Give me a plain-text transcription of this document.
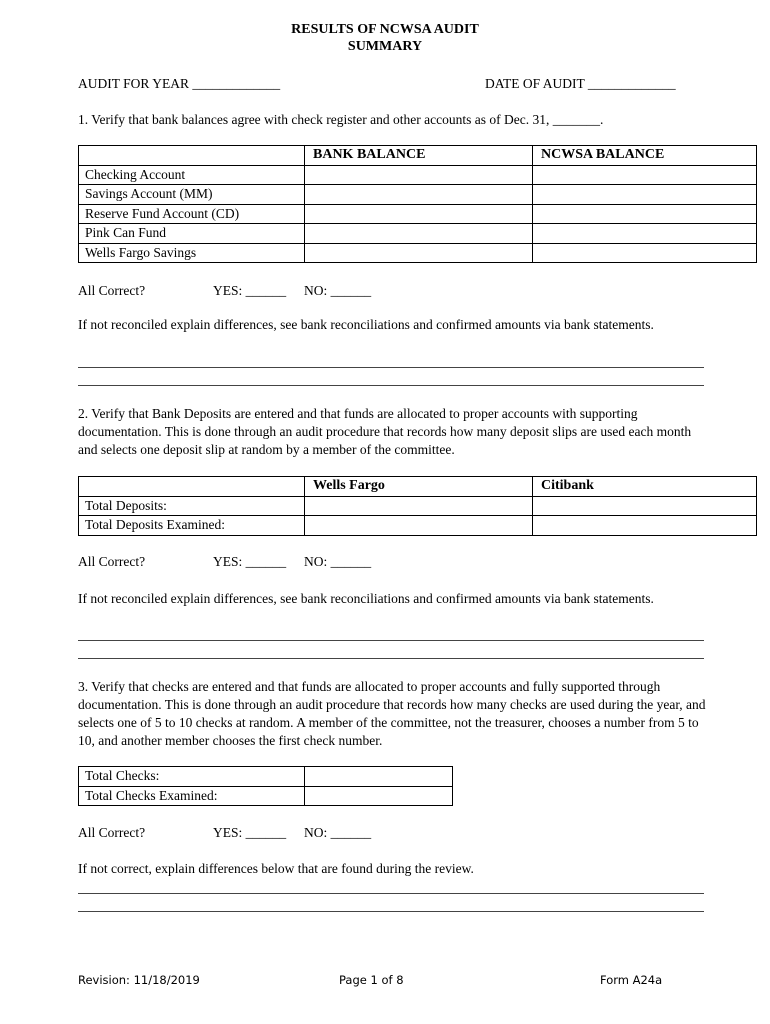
RESULTS OF NCWSA AUDIT
SUMMARY
AUDIT FOR YEAR _____________	DATE OF AUDIT _____________
1. Verify that bank balances agree with check register and other accounts as of Dec. 31, _______.
	BANK BALANCE	NCWSA BALANCE
Checking Account		
Savings Account (MM)		
Reserve Fund Account (CD)		
Pink Can Fund		
Wells Fargo Savings		
All Correct?	YES: ______ NO: ______
If not reconciled explain differences, see bank reconciliations and confirmed amounts via bank statements.
2. Verify that Bank Deposits are entered and that funds are allocated to proper accounts with supporting documentation. This is done through an audit procedure that records how many deposit slips are used each month and selects one deposit slip at random by a member of the committee.
	Wells Fargo	Citibank
Total Deposits:		
Total Deposits Examined:		
All Correct?	YES: ______ NO: ______
If not reconciled explain differences, see bank reconciliations and confirmed amounts via bank statements.
3. Verify that checks are entered and that funds are allocated to proper accounts and fully supported through documentation. This is done through an audit procedure that records how many checks are used during the year, and selects one of 5 to 10 checks at random. A member of the committee, not the treasurer, chooses a number from 5 to 10, and another member chooses the first check number.
Total Checks:	
Total Checks Examined:	
All Correct?	YES: ______ NO: ______
If not correct, explain differences below that are found during the review.
Revision: 11/18/2019	Page 1 of 8	Form A24a
